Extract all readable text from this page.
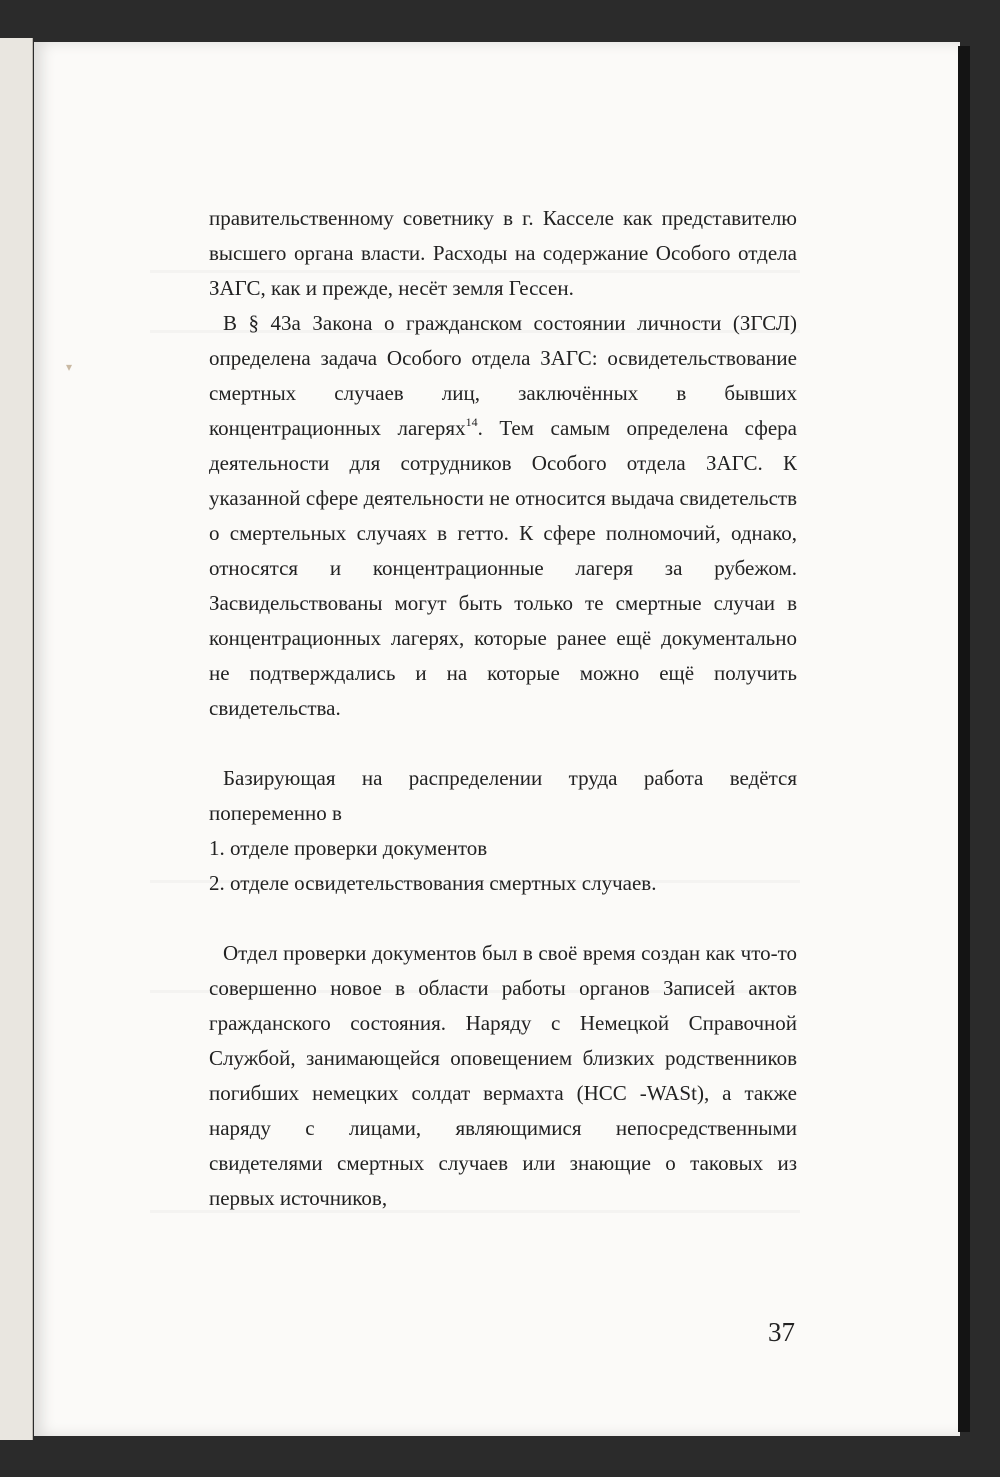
▾

правительственному советнику в г. Касселе как представителю высшего органа власти. Расходы на содержание Особого отдела ЗАГС, как и прежде, несёт земля Гессен.

В § 43а Закона о гражданском состоянии личности (ЗГСЛ) определена задача Особого отдела ЗАГС: освидетельствование смертных случаев лиц, заключённых в бывших концентрационных лагерях$^{14}$. Тем самым определена сфера деятельности для сотрудников Особого отдела ЗАГС. К указанной сфере деятельности не относится выдача свидетельств о смертельных случаях в гетто. К сфере полномочий, однако, относятся и концентрационные лагеря за рубежом. Засвидельствованы могут быть только те смертные случаи в концентрационных лагерях, которые ранее ещё документально не подтверждались и на которые можно ещё получить свидетельства.

Базирующая на распределении труда работа ведётся попеременно в

1. отделе проверки документов

2. отделе освидетельствования смертных случаев.

Отдел проверки документов был в своё время создан как что-то совершенно новое в области работы органов Записей актов гражданского состояния. Наряду с Немецкой Справочной Службой, занимающейся оповещением близких родственников погибших немецких солдат вермахта (НСС -WASt), а также наряду с лицами, являющимися непосредственными свидетелями смертных случаев или знающие о таковых из первых источников,

37
